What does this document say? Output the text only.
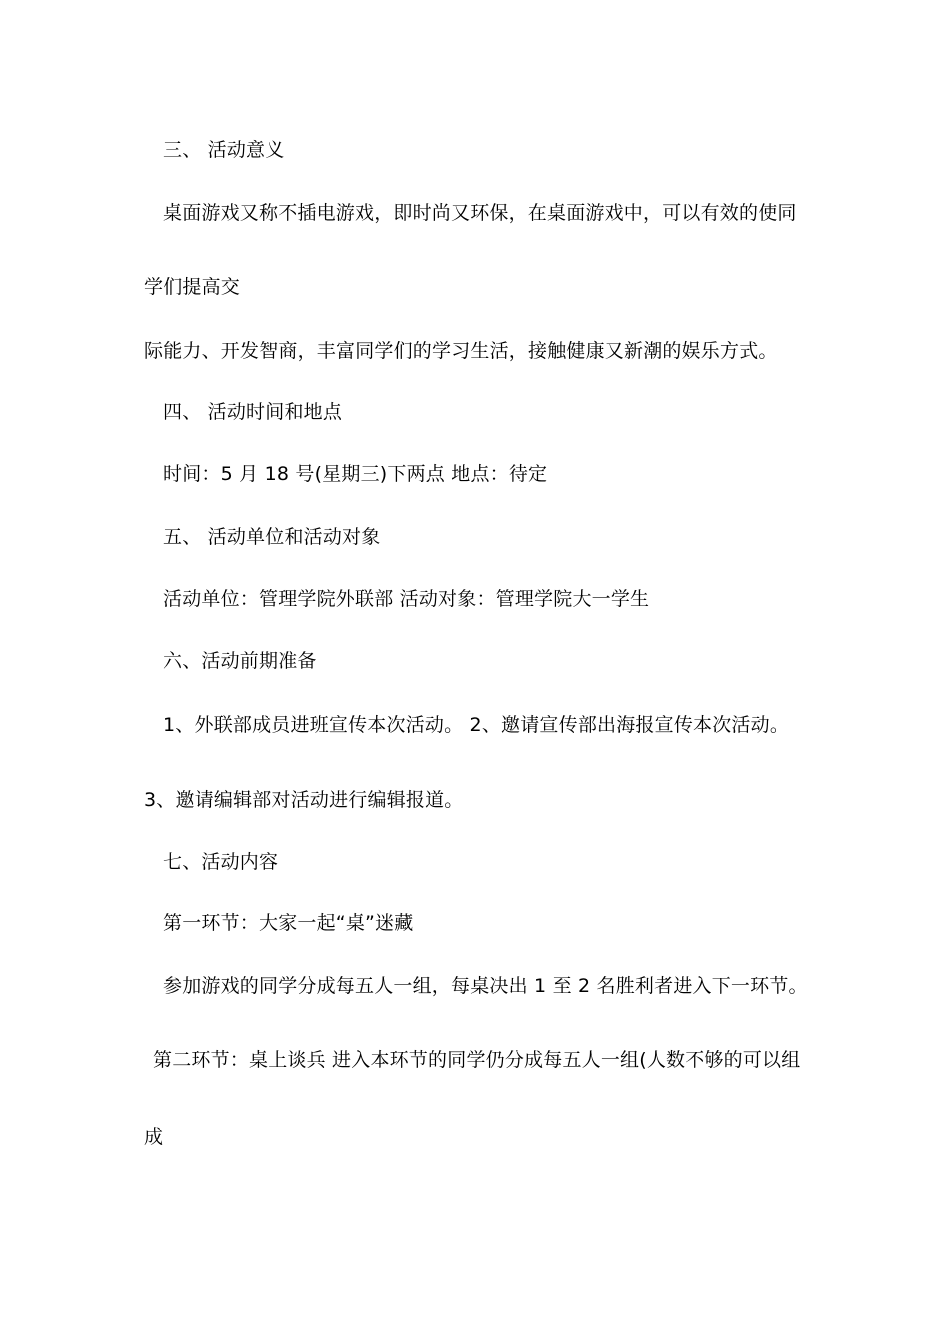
三、 活动意义
桌面游戏又称不插电游戏，即时尚又环保，在桌面游戏中，可以有效的使同
学们提高交
际能力、开发智商，丰富同学们的学习生活，接触健康又新潮的娱乐方式。
四、 活动时间和地点
时间：5 月 18 号(星期三)下两点 地点：待定
五、 活动单位和活动对象
活动单位：管理学院外联部 活动对象：管理学院大一学生
六、活动前期准备
1、外联部成员进班宣传本次活动。 2、邀请宣传部出海报宣传本次活动。
3、邀请编辑部对活动进行编辑报道。
七、活动内容
第一环节：大家一起“桌”迷藏
参加游戏的同学分成每五人一组，每桌决出 1 至 2 名胜利者进入下一环节。
第二环节：桌上谈兵 进入本环节的同学仍分成每五人一组(人数不够的可以组
成
